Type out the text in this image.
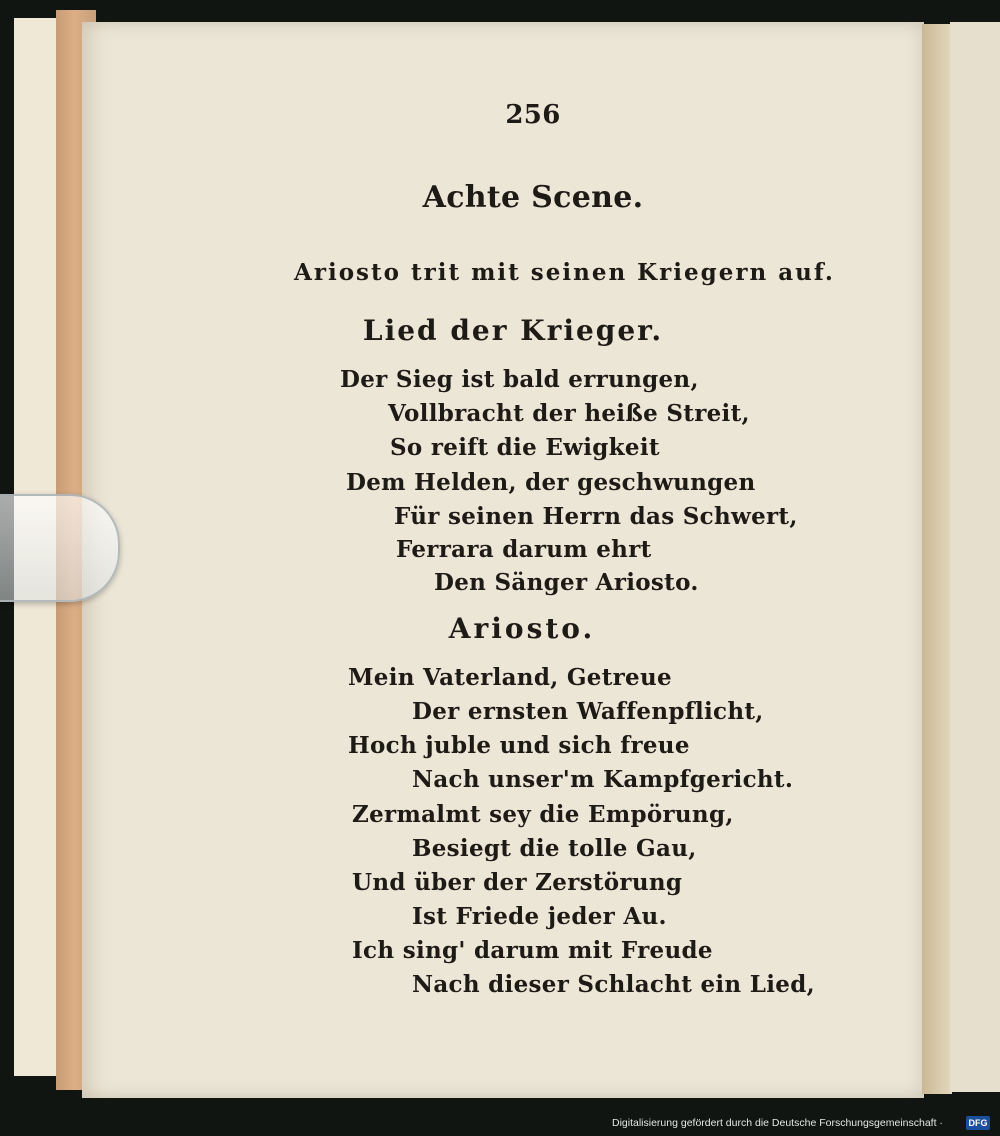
256
Achte Scene.
Ariosto trit mit seinen Kriegern auf.
Lied der Krieger.
Der Sieg ist bald errungen,
Vollbracht der heiße Streit,
So reift die Ewigkeit
Dem Helden, der geschwungen
Für seinen Herrn das Schwert,
Ferrara darum ehrt
Den Sänger Ariosto.
Ariosto.
Mein Vaterland, Getreue
Der ernsten Waffenpflicht,
Hoch juble und sich freue
Nach unser'm Kampfgericht.
Zermalmt sey die Empörung,
Besiegt die tolle Gau,
Und über der Zerstörung
Ist Friede jeder Au.
Ich sing' darum mit Freude
Nach dieser Schlacht ein Lied,
Digitalisierung gefördert durch die Deutsche Forschungsgemeinschaft ·	DFG
